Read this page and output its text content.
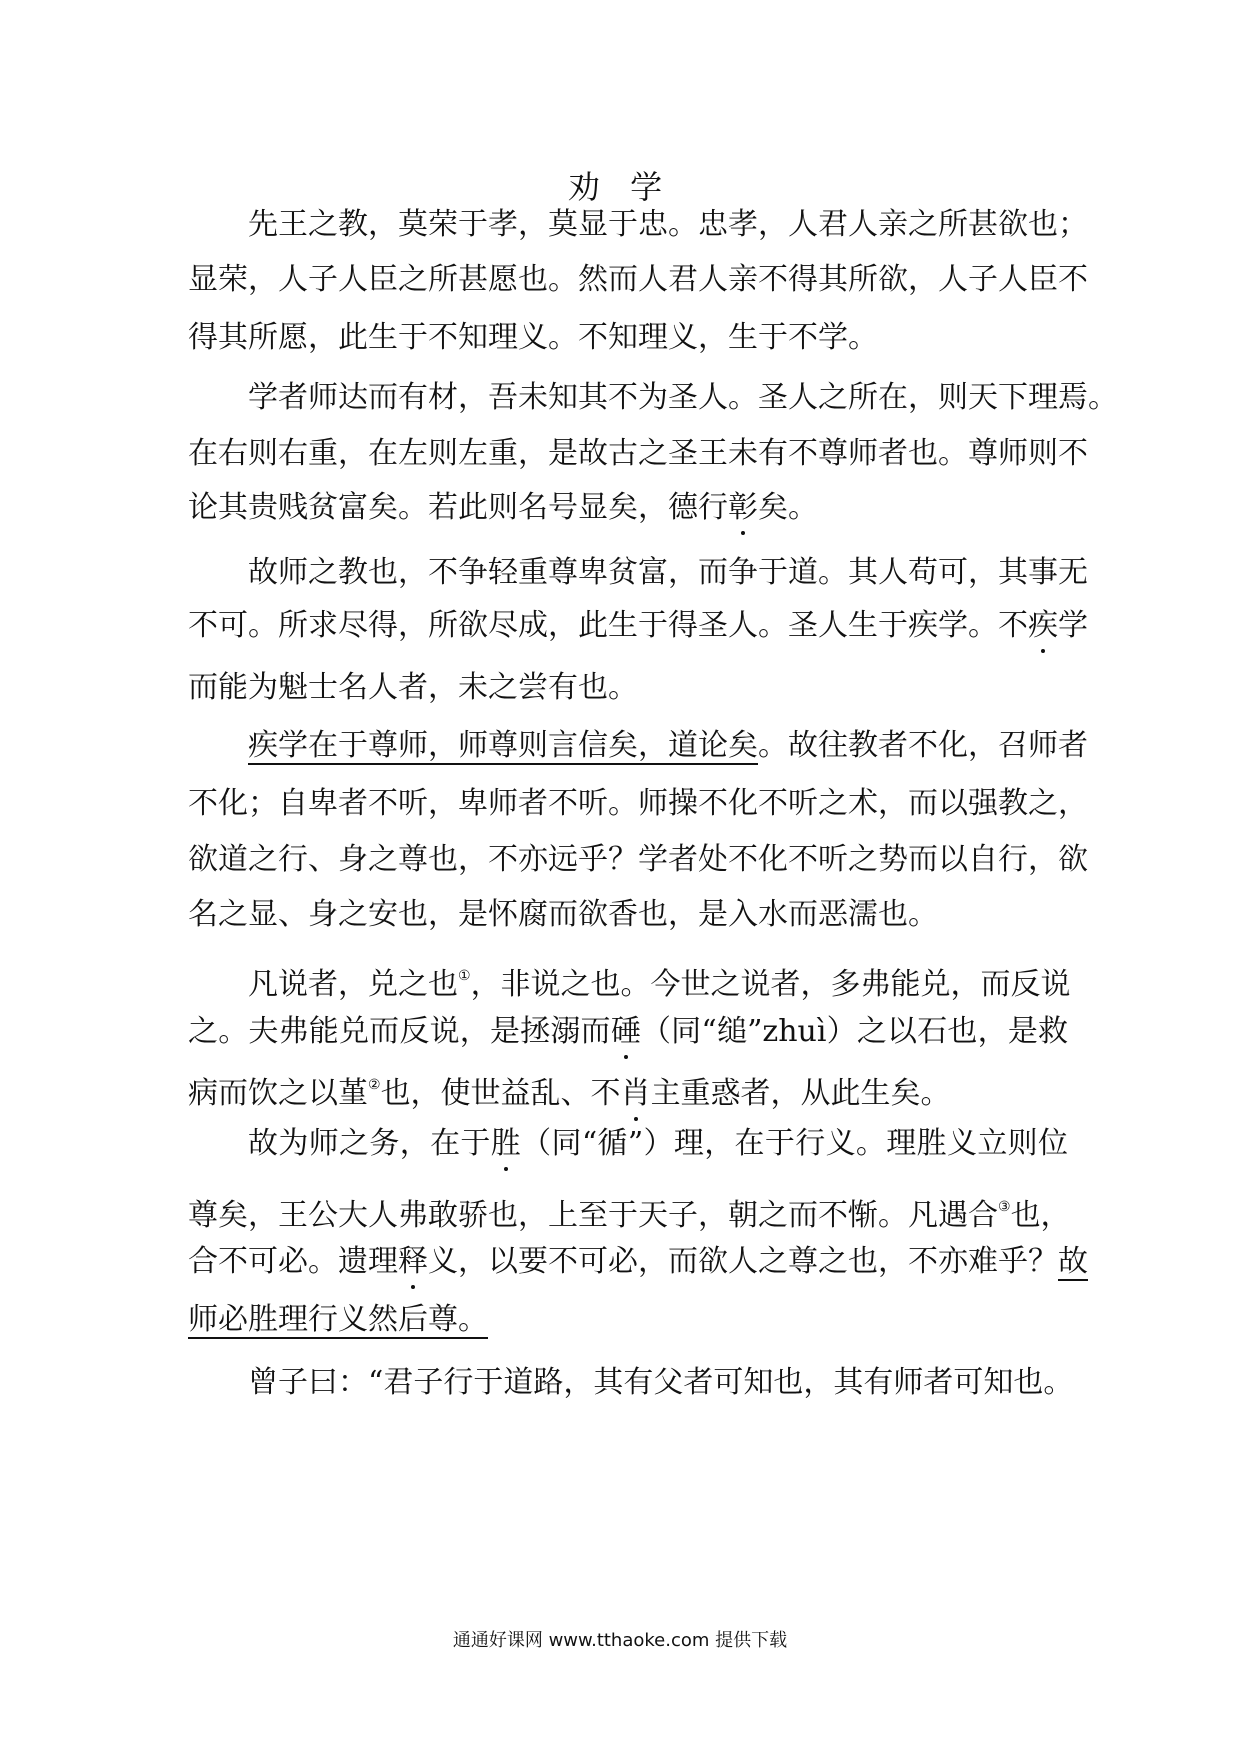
劝 学
先王之教，莫荣于孝，莫显于忠。忠孝，人君人亲之所甚欲也；
显荣，人子人臣之所甚愿也。然而人君人亲不得其所欲，人子人臣不
得其所愿，此生于不知理义。不知理义，生于不学。
学者师达而有材，吾未知其不为圣人。圣人之所在，则天下理焉。
在右则右重，在左则左重，是故古之圣王未有不尊师者也。尊师则不
论其贵贱贫富矣。若此则名号显矣，德行彰矣。
故师之教也，不争轻重尊卑贫富，而争于道。其人苟可，其事无
不可。所求尽得，所欲尽成，此生于得圣人。圣人生于疾学。不疾学
而能为魁士名人者，未之尝有也。
疾学在于尊师，师尊则言信矣，道论矣。故往教者不化，召师者
不化；自卑者不听，卑师者不听。师操不化不听之术，而以强教之，
欲道之行、身之尊也，不亦远乎？学者处不化不听之势而以自行，欲
名之显、身之安也，是怀腐而欲香也，是入水而恶濡也。
凡说者，兑之也①，非说之也。今世之说者，多弗能兑，而反说
之。夫弗能兑而反说，是拯溺而硾（同“缒”zhuì）之以石也，是救
病而饮之以堇②也，使世益乱、不肖主重惑者，从此生矣。
故为师之务，在于胜（同“循”）理，在于行义。理胜义立则位
尊矣，王公大人弗敢骄也，上至于天子，朝之而不惭。凡遇合③也，
合不可必。遗理释义，以要不可必，而欲人之尊之也，不亦难乎？故
师必胜理行义然后尊。
曾子曰：“君子行于道路，其有父者可知也，其有师者可知也。
通通好课网 www.tthaoke.com 提供下载
